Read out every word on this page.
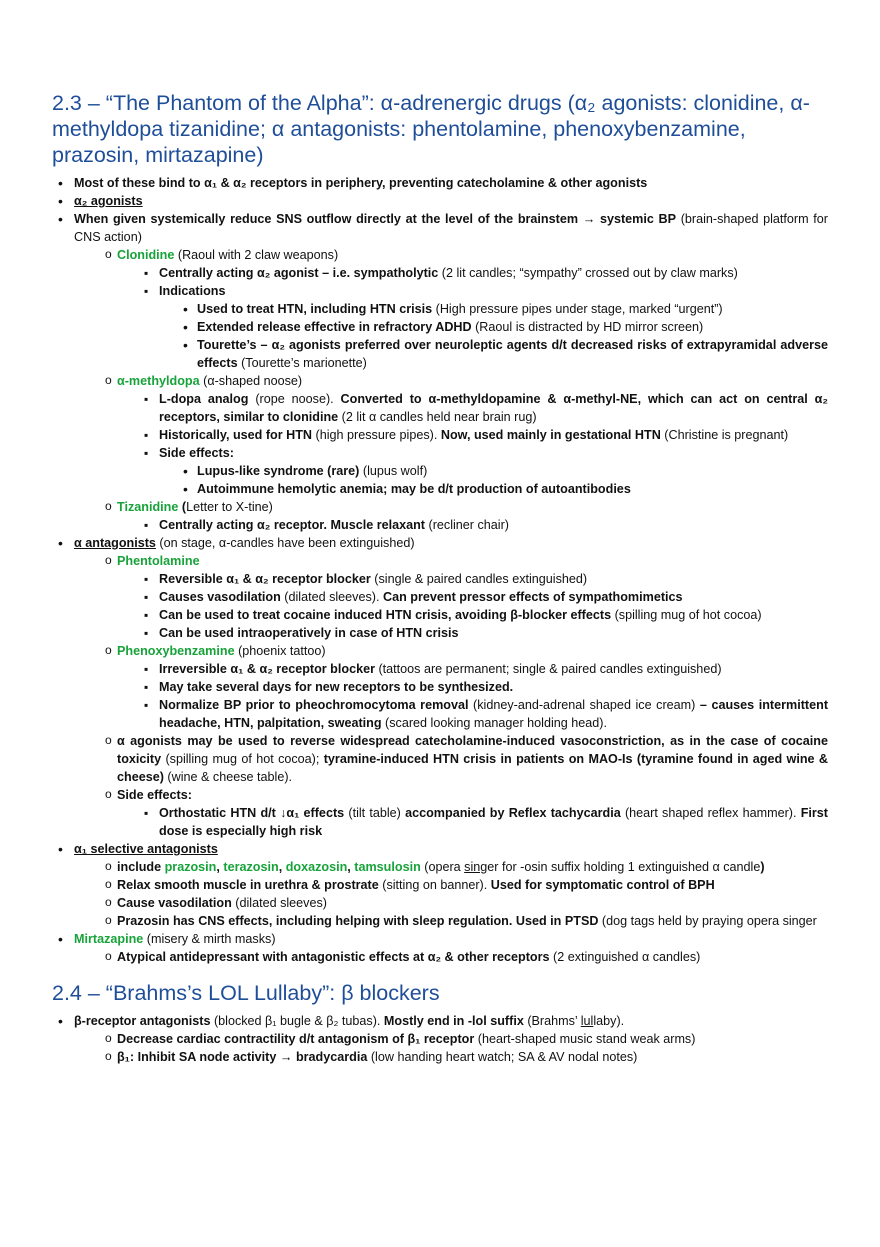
2.3 – “The Phantom of the Alpha”: α-adrenergic drugs (α₂ agonists: clonidine, α-methyldopa tizanidine; α antagonists: phentolamine, phenoxybenzamine, prazosin, mirtazapine)
• Most of these bind to α₁ & α₂ receptors in periphery, preventing catecholamine & other agonists
• α₂ agonists
• When given systemically reduce SNS outflow directly at the level of the brainstem → systemic BP (brain-shaped platform for CNS action)
o Clonidine (Raoul with 2 claw weapons)
▪ Centrally acting α₂ agonist – i.e. sympatholytic (2 lit candles; “sympathy” crossed out by claw marks)
▪ Indications
• Used to treat HTN, including HTN crisis (High pressure pipes under stage, marked “urgent”)
• Extended release effective in refractory ADHD (Raoul is distracted by HD mirror screen)
• Tourette’s – α₂ agonists preferred over neuroleptic agents d/t decreased risks of extrapyramidal adverse effects (Tourette’s marionette)
o α-methyldopa (α-shaped noose)
▪ L-dopa analog (rope noose). Converted to α-methyldopamine & α-methyl-NE, which can act on central α₂ receptors, similar to clonidine (2 lit α candles held near brain rug)
▪ Historically, used for HTN (high pressure pipes). Now, used mainly in gestational HTN (Christine is pregnant)
▪ Side effects:
• Lupus-like syndrome (rare) (lupus wolf)
• Autoimmune hemolytic anemia; may be d/t production of autoantibodies
o Tizanidine (Letter to X-tine)
▪ Centrally acting α₂ receptor. Muscle relaxant (recliner chair)
• α antagonists (on stage, α-candles have been extinguished)
o Phentolamine
▪ Reversible α₁ & α₂ receptor blocker (single & paired candles extinguished)
▪ Causes vasodilation (dilated sleeves). Can prevent pressor effects of sympathomimetics
▪ Can be used to treat cocaine induced HTN crisis, avoiding β-blocker effects (spilling mug of hot cocoa)
▪ Can be used intraoperatively in case of HTN crisis
o Phenoxybenzamine (phoenix tattoo)
▪ Irreversible α₁ & α₂ receptor blocker (tattoos are permanent; single & paired candles extinguished)
▪ May take several days for new receptors to be synthesized.
▪ Normalize BP prior to pheochromocytoma removal (kidney-and-adrenal shaped ice cream) – causes intermittent headache, HTN, palpitation, sweating (scared looking manager holding head).
o α agonists may be used to reverse widespread catecholamine-induced vasoconstriction, as in the case of cocaine toxicity (spilling mug of hot cocoa); tyramine-induced HTN crisis in patients on MAO-Is (tyramine found in aged wine & cheese) (wine & cheese table).
o Side effects:
▪ Orthostatic HTN d/t ↓α₁ effects (tilt table) accompanied by Reflex tachycardia (heart shaped reflex hammer). First dose is especially high risk
• α₁ selective antagonists
o include prazosin, terazosin, doxazosin, tamsulosin (opera singer for -osin suffix holding 1 extinguished α candle)
o Relax smooth muscle in urethra & prostrate (sitting on banner). Used for symptomatic control of BPH
o Cause vasodilation (dilated sleeves)
o Prazosin has CNS effects, including helping with sleep regulation. Used in PTSD (dog tags held by praying opera singer
• Mirtazapine (misery & mirth masks)
o Atypical antidepressant with antagonistic effects at α₂ & other receptors (2 extinguished α candles)
2.4 – “Brahms’s LOL Lullaby”: β blockers
• β-receptor antagonists (blocked β₁ bugle & β₂ tubas). Mostly end in -lol suffix (Brahms’ lullaby).
o Decrease cardiac contractility d/t antagonism of β₁ receptor (heart-shaped music stand weak arms)
o β₁: Inhibit SA node activity → bradycardia (low handing heart watch; SA & AV nodal notes)
